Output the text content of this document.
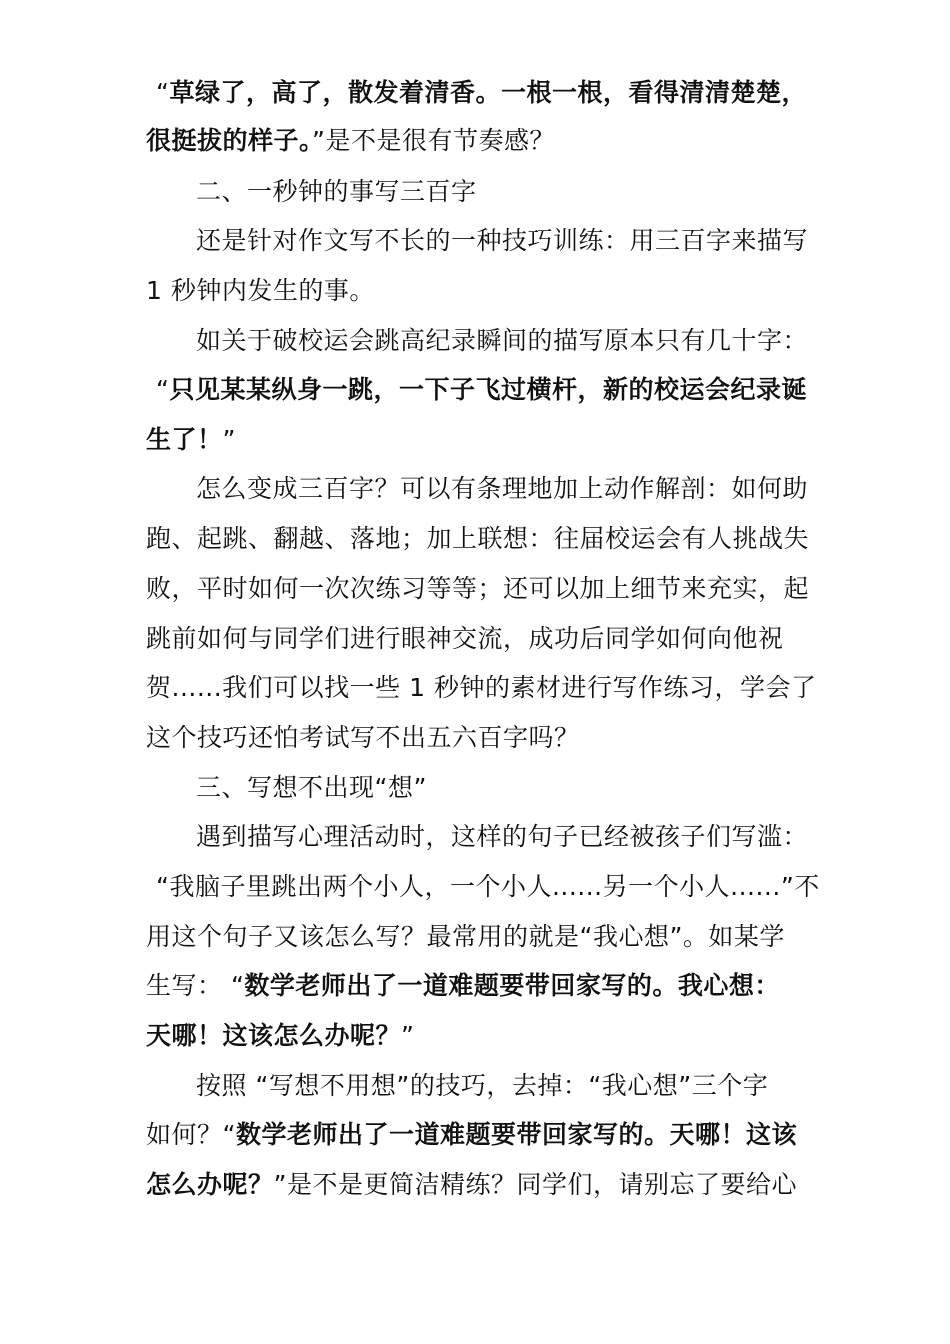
“草绿了，高了，散发着清香。一根一根，看得清清楚楚，

很挺拔的样子。”是不是很有节奏感？

二、一秒钟的事写三百字

还是针对作文写不长的一种技巧训练：用三百字来描写

1 秒钟内发生的事。

如关于破校运会跳高纪录瞬间的描写原本只有几十字：

“只见某某纵身一跳，一下子飞过横杆，新的校运会纪录诞

生了！”

怎么变成三百字？可以有条理地加上动作解剖：如何助

跑、起跳、翻越、落地；加上联想：往届校运会有人挑战失

败，平时如何一次次练习等等；还可以加上细节来充实，起

跳前如何与同学们进行眼神交流，成功后同学如何向他祝

贺......我们可以找一些 1 秒钟的素材进行写作练习，学会了

这个技巧还怕考试写不出五六百字吗？

三、写想不出现“想”

遇到描写心理活动时，这样的句子已经被孩子们写滥：

“我脑子里跳出两个小人，一个小人......另一个小人......”不

用这个句子又该怎么写？最常用的就是“我心想”。如某学

生写： “数学老师出了一道难题要带回家写的。我心想：

天哪！这该怎么办呢？”

按照 “写想不用想”的技巧，去掉：“我心想”三个字

如何？“数学老师出了一道难题要带回家写的。天哪！这该

怎么办呢？”是不是更简洁精练？同学们，请别忘了要给心
